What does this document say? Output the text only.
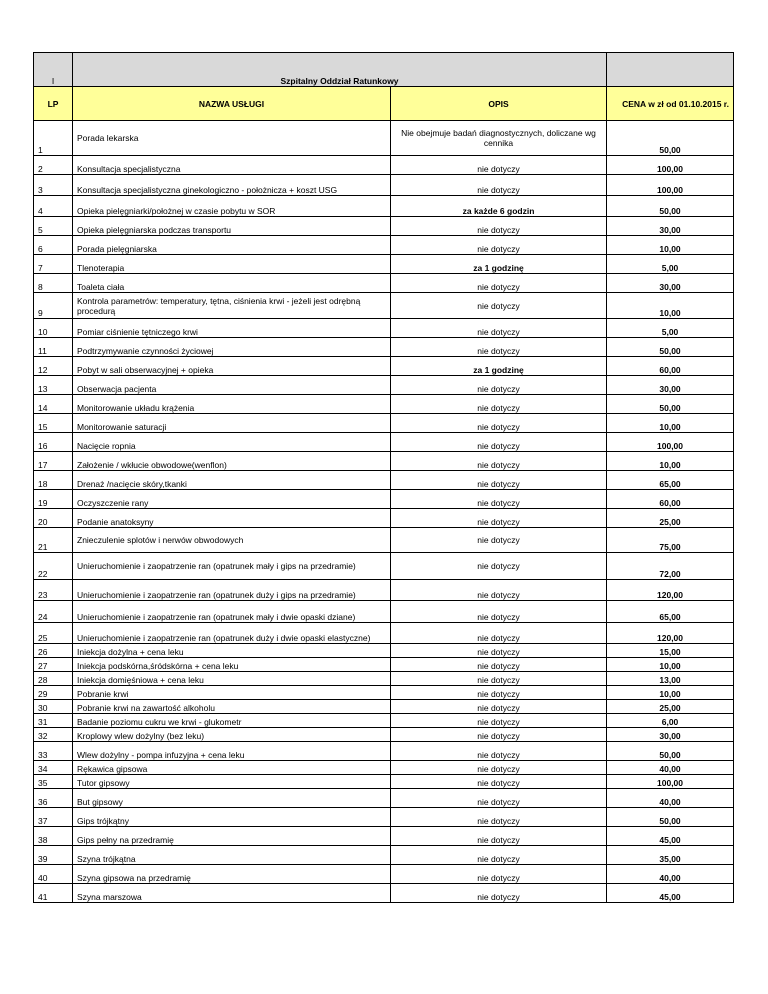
I	Szpitalny Oddział Ratunkowy		
LP	NAZWA USŁUGI	OPIS	CENA w zł od 01.10.2015 r.
1	Porada lekarska	Nie obejmuje badań diagnostycznych, doliczane wg cennika	50,00
2	Konsultacja specjalistyczna	nie dotyczy	100,00
3	Konsultacja specjalistyczna ginekologiczno - położnicza + koszt USG	nie dotyczy	100,00
4	Opieka pielęgniarki/położnej w czasie pobytu w SOR	za każde 6 godzin	50,00
5	Opieka pielęgniarska podczas transportu	nie dotyczy	30,00
6	Porada pielęgniarska	nie dotyczy	10,00
7	Tlenoterapia	za 1 godzinę	5,00
8	Toaleta ciała	nie dotyczy	30,00
9	Kontrola parametrów: temperatury, tętna, ciśnienia krwi - jeżeli jest odrębną procedurą	nie dotyczy	10,00
10	Pomiar ciśnienie tętniczego krwi	nie dotyczy	5,00
11	Podtrzymywanie czynności życiowej	nie dotyczy	50,00
12	Pobyt w sali obserwacyjnej + opieka	za 1 godzinę	60,00
13	Obserwacja pacjenta	nie dotyczy	30,00
14	Monitorowanie układu krążenia	nie dotyczy	50,00
15	Monitorowanie saturacji	nie dotyczy	10,00
16	Nacięcie ropnia	nie dotyczy	100,00
17	Założenie / wkłucie obwodowe(wenflon)	nie dotyczy	10,00
18	Drenaż /nacięcie skóry,tkanki	nie dotyczy	65,00
19	Oczyszczenie rany	nie dotyczy	60,00
20	Podanie anatoksyny	nie dotyczy	25,00
21	Znieczulenie splotów i nerwów obwodowych	nie dotyczy	75,00
22	Unieruchomienie i zaopatrzenie ran (opatrunek mały i gips na przedramie)	nie dotyczy	72,00
23	Unieruchomienie i zaopatrzenie ran (opatrunek duży i gips na przedramie)	nie dotyczy	120,00
24	Unieruchomienie i zaopatrzenie ran (opatrunek mały i dwie opaski dziane)	nie dotyczy	65,00
25	Unieruchomienie i zaopatrzenie ran (opatrunek duży i dwie opaski elastyczne)	nie dotyczy	120,00
26	Iniekcja dożylna + cena leku	nie dotyczy	15,00
27	Iniekcja podskórna,śródskórna + cena leku	nie dotyczy	10,00
28	Iniekcja domięśniowa + cena leku	nie dotyczy	13,00
29	Pobranie krwi	nie dotyczy	10,00
30	Pobranie krwi na zawartość alkoholu	nie dotyczy	25,00
31	Badanie poziomu cukru we krwi - glukometr	nie dotyczy	6,00
32	Kroplowy wlew dożylny (bez leku)	nie dotyczy	30,00
33	Wlew dożylny - pompa infuzyjna + cena leku	nie dotyczy	50,00
34	Rękawica gipsowa	nie dotyczy	40,00
35	Tutor gipsowy	nie dotyczy	100,00
36	But gipsowy	nie dotyczy	40,00
37	Gips trójkątny	nie dotyczy	50,00
38	Gips pełny na przedramię	nie dotyczy	45,00
39	Szyna trójkątna	nie dotyczy	35,00
40	Szyna gipsowa na przedramię	nie dotyczy	40,00
41	Szyna marszowa	nie dotyczy	45,00
